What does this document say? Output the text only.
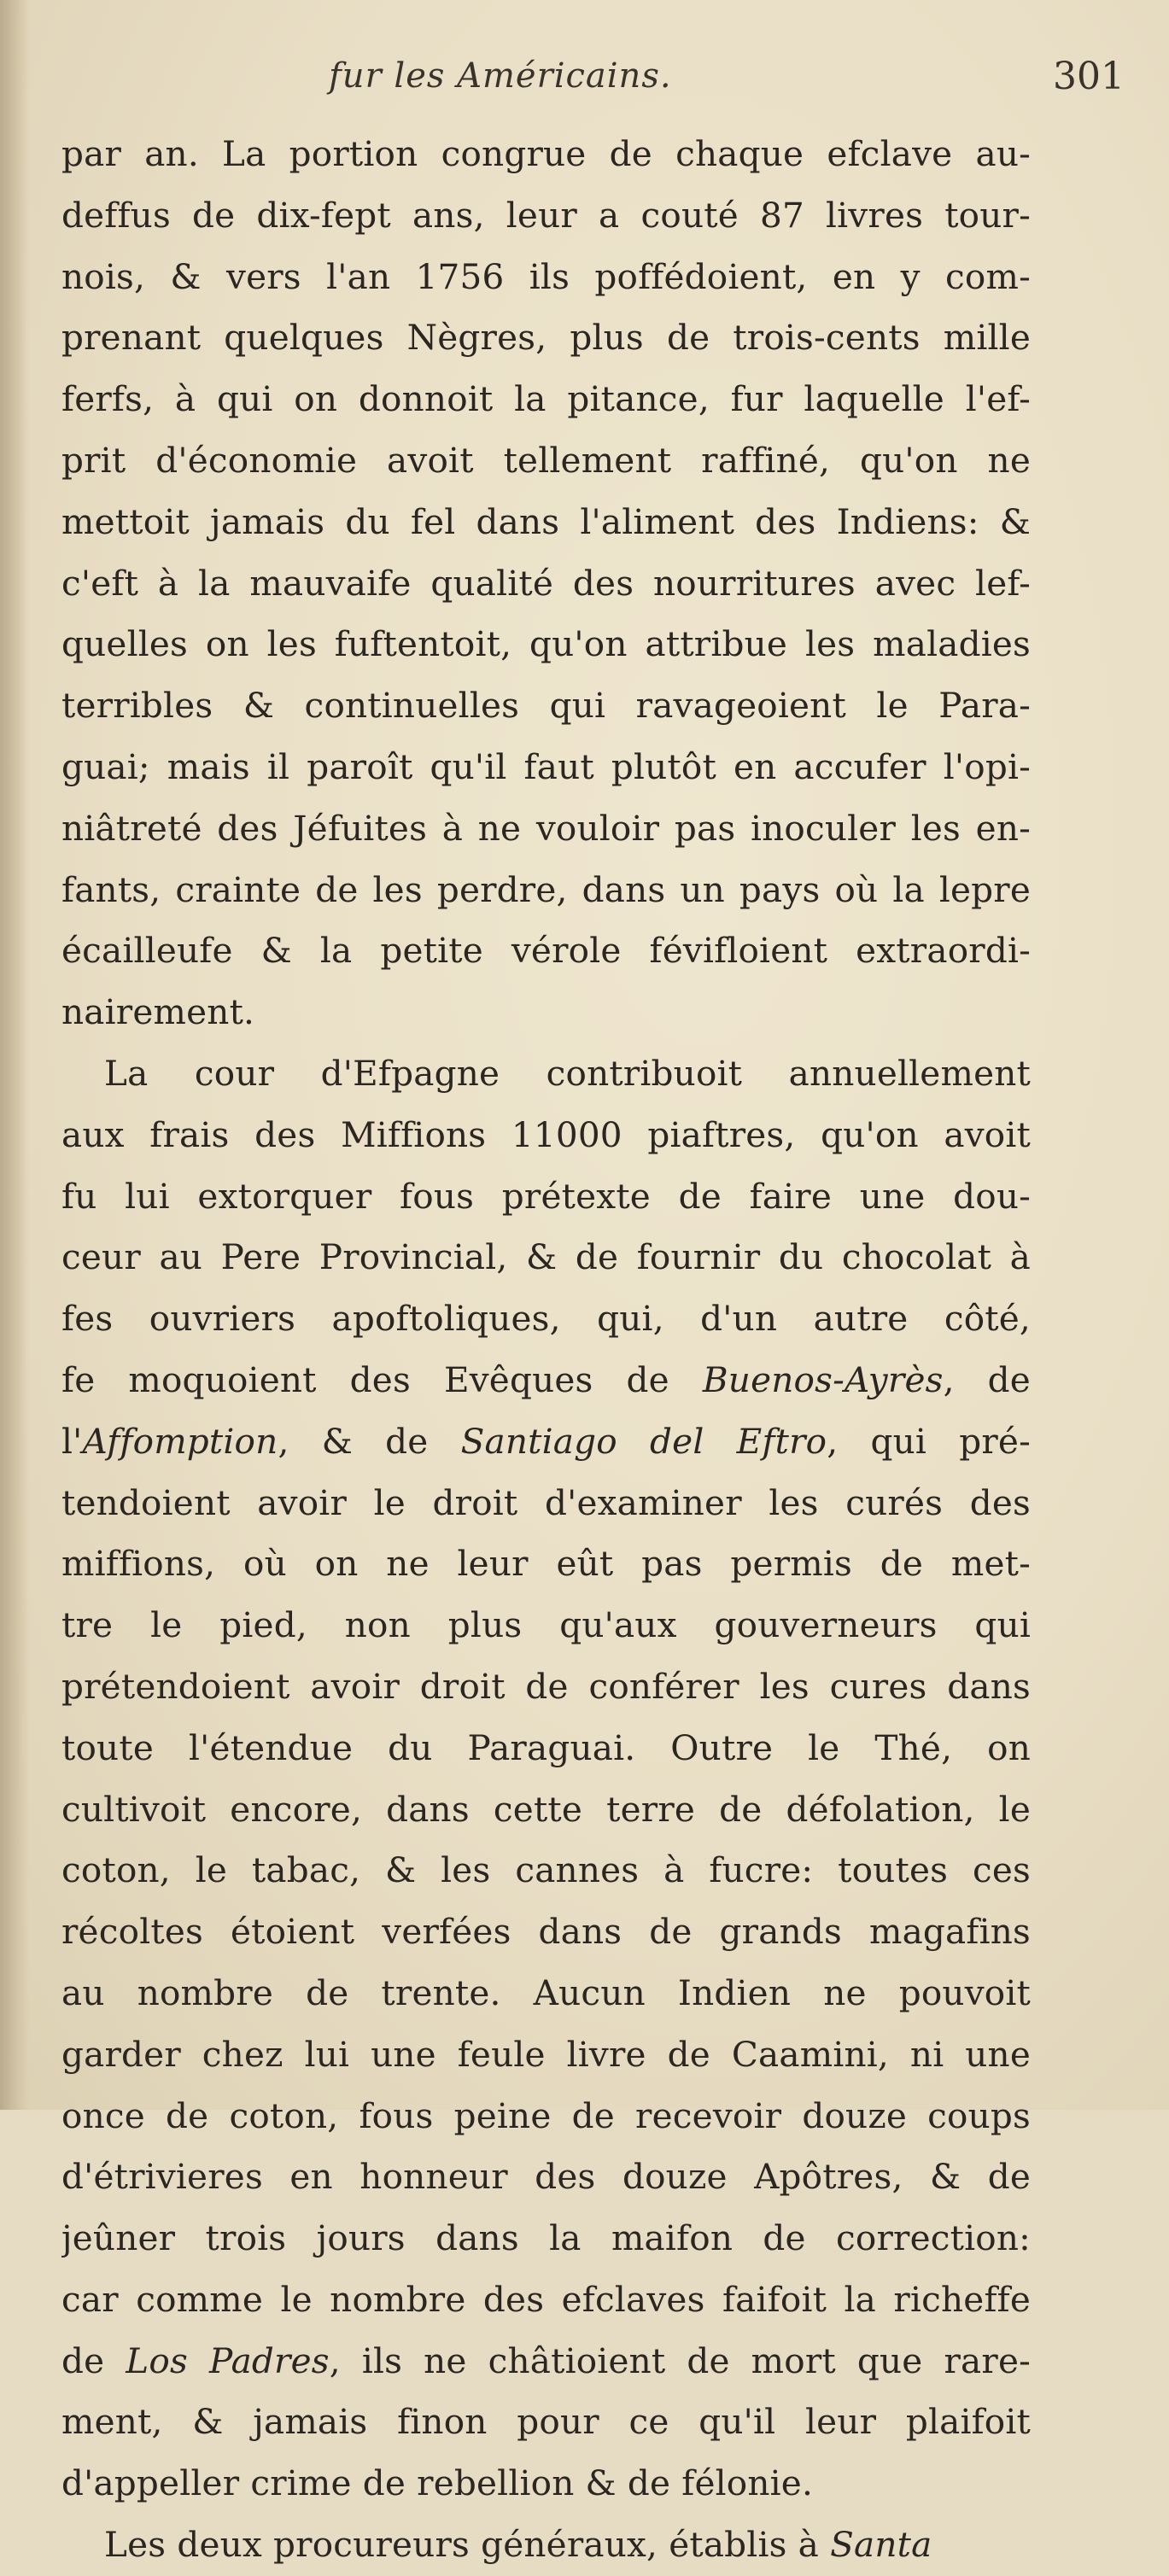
fur les Américains.	301
par an. La portion congrue de chaque efclave au-
deffus de dix-fept ans, leur a couté 87 livres tour-
nois, & vers l'an 1756 ils poffédoient, en y com-
prenant quelques Nègres, plus de trois-cents mille
ferfs, à qui on donnoit la pitance, fur laquelle l'ef-
prit d'économie avoit tellement raffiné, qu'on ne
mettoit jamais du fel dans l'aliment des Indiens: &
c'eft à la mauvaife qualité des nourritures avec lef-
quelles on les fuftentoit, qu'on attribue les maladies
terribles & continuelles qui ravageoient le Para-
guai; mais il paroît qu'il faut plutôt en accufer l'opi-
niâtreté des Jéfuites à ne vouloir pas inoculer les en-
fants, crainte de les perdre, dans un pays où la lepre
écailleufe & la petite vérole févifloient extraordi-
nairement.
La cour d'Efpagne contribuoit annuellement
aux frais des Miffions 11000 piaftres, qu'on avoit
fu lui extorquer fous prétexte de faire une dou-
ceur au Pere Provincial, & de fournir du chocolat à
fes ouvriers apoftoliques, qui, d'un autre côté,
fe moquoient des Evêques de Buenos-Ayrès, de
l'Affomption, & de Santiago del Eftro, qui pré-
tendoient avoir le droit d'examiner les curés des
miffions, où on ne leur eût pas permis de met-
tre le pied, non plus qu'aux gouverneurs qui
prétendoient avoir droit de conférer les cures dans
toute l'étendue du Paraguai. Outre le Thé, on
cultivoit encore, dans cette terre de défolation, le
coton, le tabac, & les cannes à fucre: toutes ces
récoltes étoient verfées dans de grands magafins
au nombre de trente. Aucun Indien ne pouvoit
garder chez lui une feule livre de Caamini, ni une
once de coton, fous peine de recevoir douze coups
d'étrivieres en honneur des douze Apôtres, & de
jeûner trois jours dans la maifon de correction:
car comme le nombre des efclaves faifoit la richeffe
de Los Padres, ils ne châtioient de mort que rare-
ment, & jamais finon pour ce qu'il leur plaifoit
d'appeller crime de rebellion & de félonie.
Les deux procureurs généraux, établis à Santa
